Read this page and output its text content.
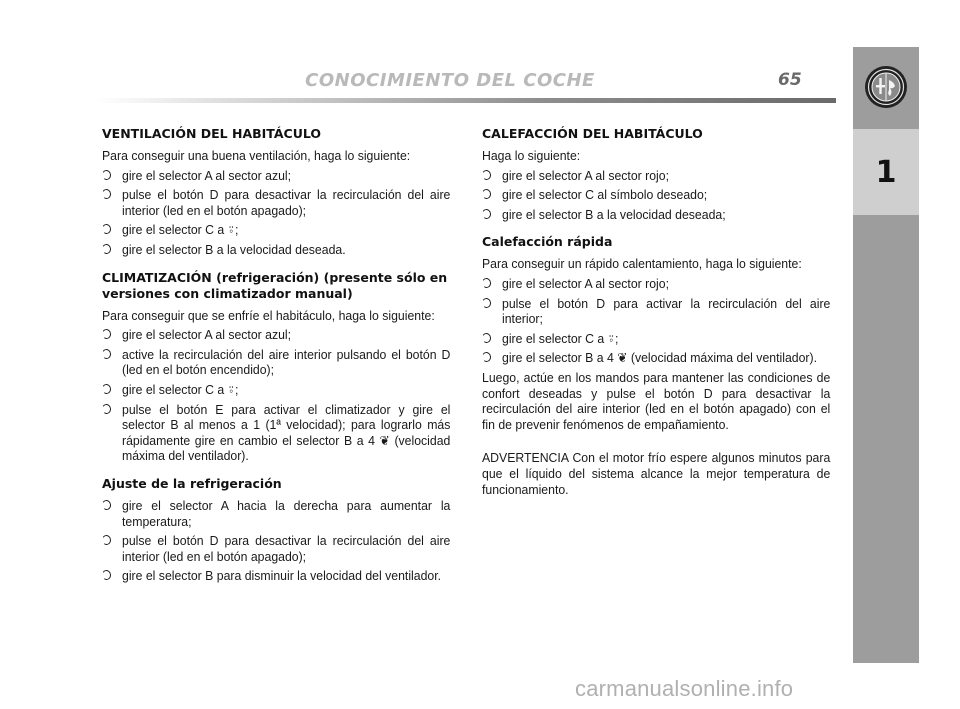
CONOCIMIENTO DEL COCHE	65
1
VENTILACIÓN DEL HABITÁCULO
Para conseguir una buena ventilación, haga lo siguiente:
gire el selector A al sector azul;
pulse el botón D para desactivar la recirculación del aire interior (led en el botón apagado);
gire el selector C a ⍤;
gire el selector B a la velocidad deseada.
CLIMATIZACIÓN (refrigeración) (presente sólo en versiones con climatizador manual)
Para conseguir que se enfríe el habitáculo, haga lo siguiente:
gire el selector A al sector azul;
active la recirculación del aire interior pulsando el botón D (led en el botón encendido);
gire el selector C a ⍤;
pulse el botón E para activar el climatizador y gire el selector B al menos a 1 (1ª velocidad); para lograrlo más rápidamente gire en cambio el selector B a 4 ❦ (velocidad máxima del ventilador).
Ajuste de la refrigeración
gire el selector A hacia la derecha para aumentar la temperatura;
pulse el botón D para desactivar la recirculación del aire interior (led en el botón apagado);
gire el selector B para disminuir la velocidad del ventilador.
CALEFACCIÓN DEL HABITÁCULO
Haga lo siguiente:
gire el selector A al sector rojo;
gire el selector C al símbolo deseado;
gire el selector B a la velocidad deseada;
Calefacción rápida
Para conseguir un rápido calentamiento, haga lo siguiente:
gire el selector A al sector rojo;
pulse el botón D para activar la recirculación del aire interior;
gire el selector C a ⍤;
gire el selector B a 4 ❦ (velocidad máxima del ventilador).
Luego, actúe en los mandos para mantener las condiciones de confort deseadas y pulse el botón D para desactivar la recirculación del aire interior (led en el botón apagado) con el fin de prevenir fenómenos de empañamiento.
ADVERTENCIA Con el motor frío espere algunos minutos para que el líquido del sistema alcance la mejor temperatura de funcionamiento.
carmanualsonline.info
